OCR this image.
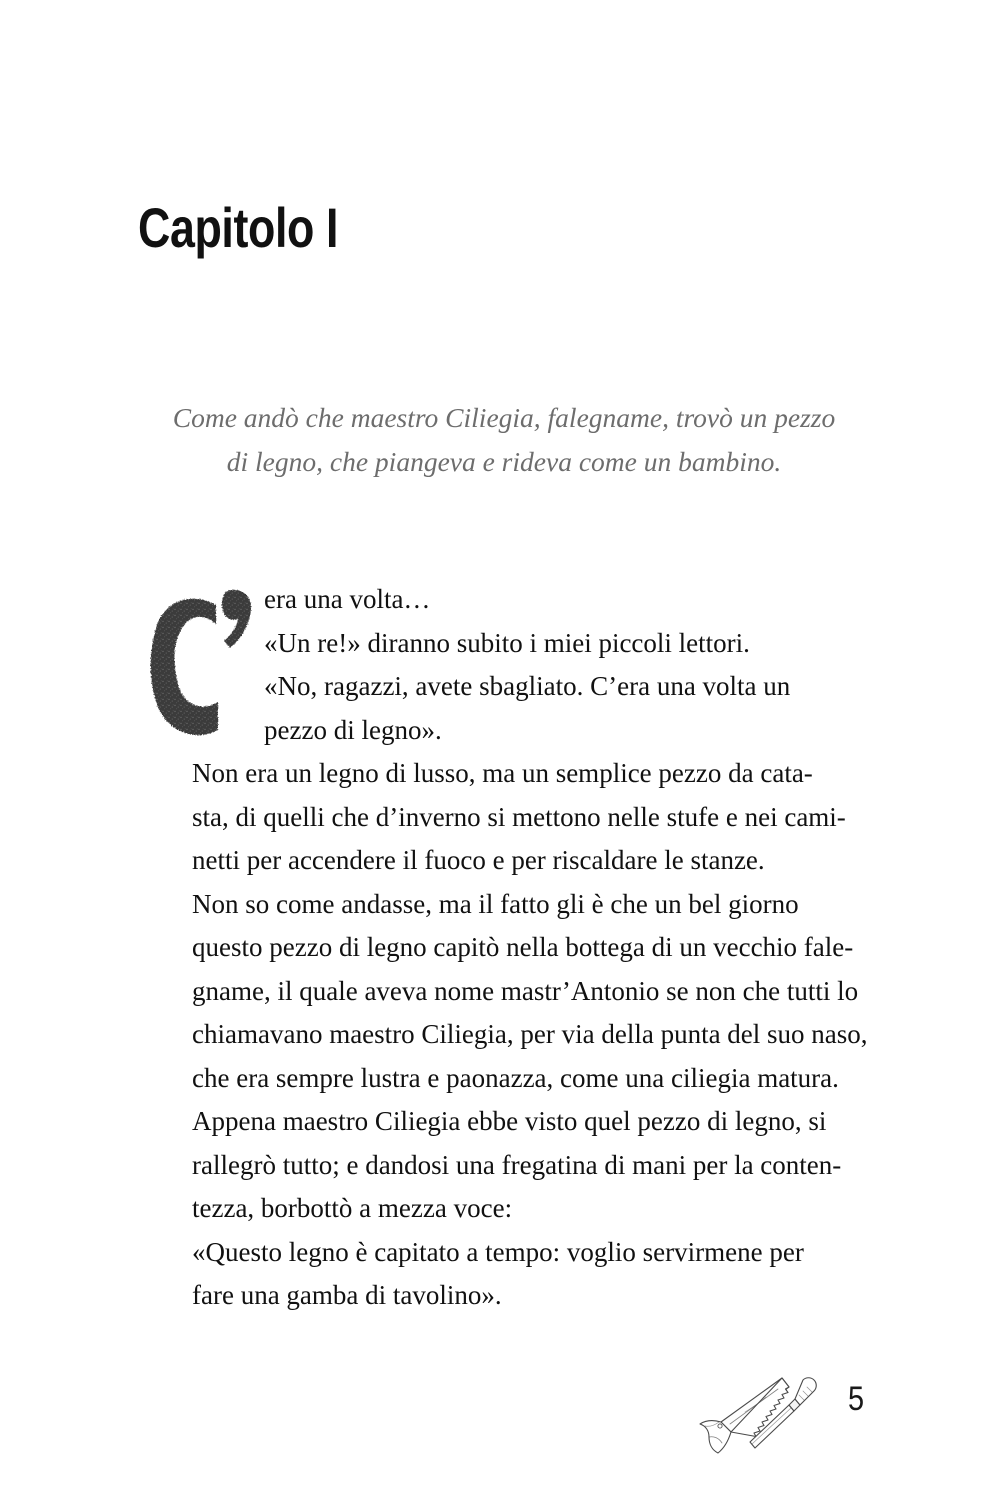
Capitolo I
Come andò che maestro Ciliegia, falegname, trovò un pezzo
di legno, che piangeva e rideva come un bambino.

era una volta…
«Un re!» diranno subito i miei piccoli lettori.
«No, ragazzi, avete sbagliato. C’era una volta un
pezzo di legno».

Non era un legno di lusso, ma un semplice pezzo da cata-
sta, di quelli che d’inverno si mettono nelle stufe e nei cami-
netti per accendere il fuoco e per riscaldare le stanze.

Non so come andasse, ma il fatto gli è che un bel giorno
questo pezzo di legno capitò nella bottega di un vecchio fale-
gname, il quale aveva nome mastr’Antonio se non che tutti lo
chiamavano maestro Ciliegia, per via della punta del suo naso,
che era sempre lustra e paonazza, come una ciliegia matura.

Appena maestro Ciliegia ebbe visto quel pezzo di legno, si
rallegrò tutto; e dandosi una fregatina di mani per la conten-
tezza, borbottò a mezza voce:

«Questo legno è capitato a tempo: voglio servirmene per
fare una gamba di tavolino».

5
